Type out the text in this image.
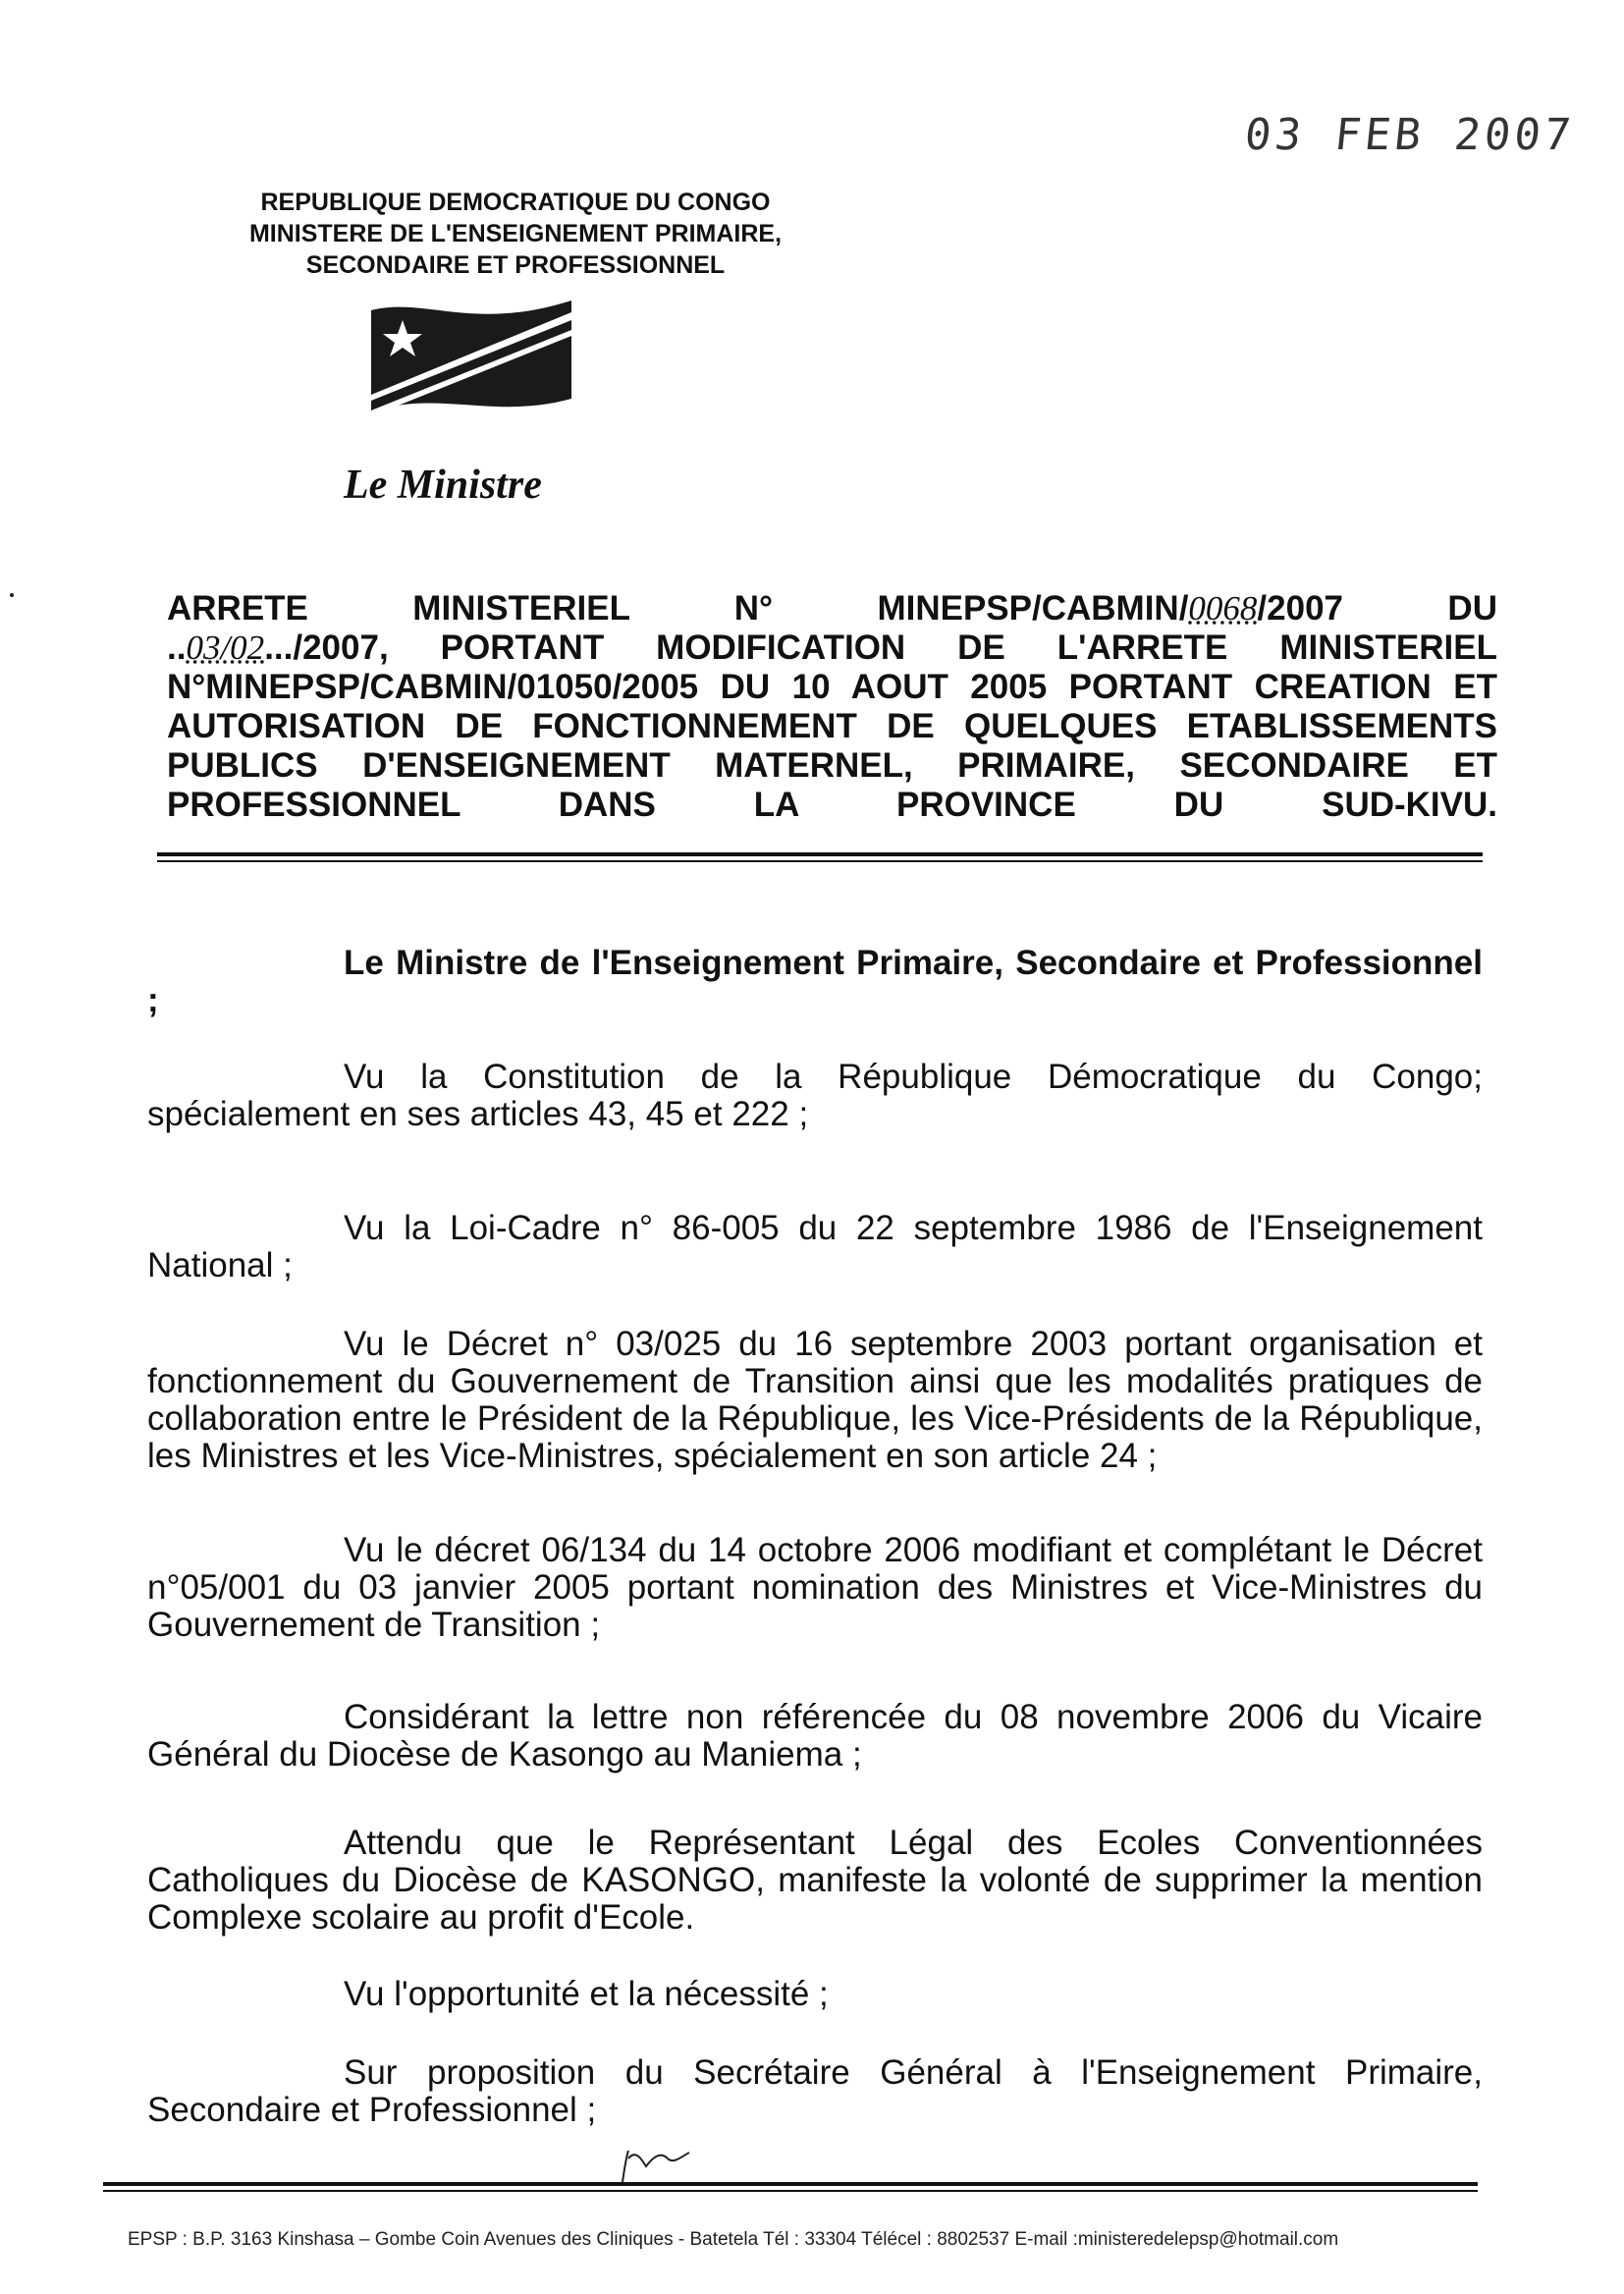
03 FEB 2007
REPUBLIQUE DEMOCRATIQUE DU CONGO
MINISTERE DE L'ENSEIGNEMENT PRIMAIRE,
SECONDAIRE ET PROFESSIONNEL
Le Ministre
ARRETE MINISTERIEL N° MINEPSP/CABMIN/0068/2007 DU
..03/02.../2007, PORTANT MODIFICATION DE L'ARRETE MINISTERIEL
N°MINEPSP/CABMIN/01050/2005 DU 10 AOUT 2005 PORTANT CREATION ET
AUTORISATION DE FONCTIONNEMENT DE QUELQUES ETABLISSEMENTS
PUBLICS D'ENSEIGNEMENT MATERNEL, PRIMAIRE, SECONDAIRE ET
PROFESSIONNEL DANS LA PROVINCE DU SUD-KIVU.
Le Ministre de l'Enseignement Primaire, Secondaire et Professionnel ;
Vu la Constitution de la République Démocratique du Congo; spécialement en ses articles 43, 45 et 222 ;
Vu la Loi-Cadre n° 86-005 du 22 septembre 1986 de l'Enseignement National ;
Vu le Décret n° 03/025 du 16 septembre 2003 portant organisation et fonctionnement du Gouvernement de Transition ainsi que les modalités pratiques de collaboration entre le Président de la République, les Vice-Présidents de la République, les Ministres et les Vice-Ministres, spécialement en son article 24 ;
Vu le décret 06/134 du 14 octobre 2006 modifiant et complétant le Décret n°05/001 du 03 janvier 2005 portant nomination des Ministres et Vice-Ministres du Gouvernement de Transition ;
Considérant la lettre non référencée du 08 novembre 2006 du Vicaire Général du Diocèse de Kasongo au Maniema ;
Attendu que le Représentant Légal des Ecoles Conventionnées Catholiques du Diocèse de KASONGO, manifeste la volonté de supprimer la mention Complexe scolaire au profit d'Ecole.
Vu l'opportunité et la nécessité ;
Sur proposition du Secrétaire Général à l'Enseignement Primaire, Secondaire et Professionnel ;
EPSP : B.P. 3163 Kinshasa – Gombe Coin Avenues des Cliniques - Batetela Tél : 33304 Télécel : 8802537 E-mail :ministeredelepsp@hotmail.com
